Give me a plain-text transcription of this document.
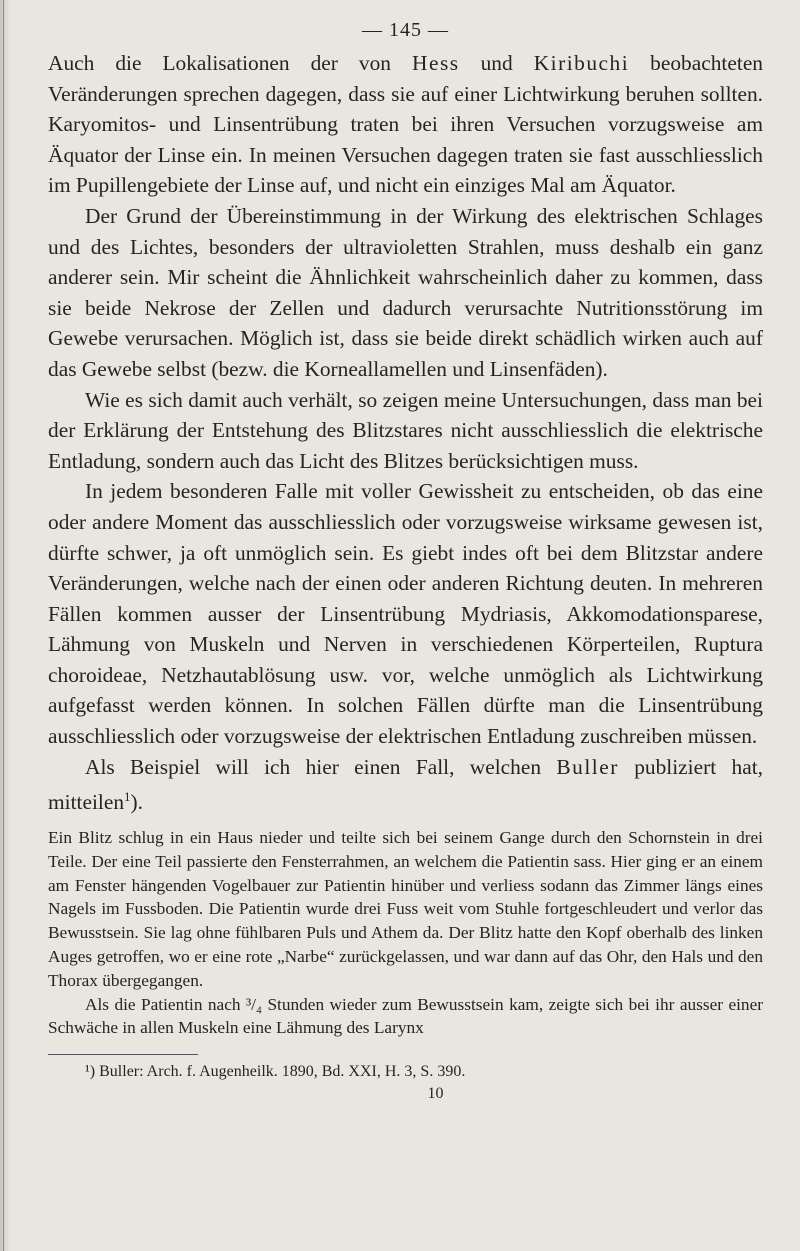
— 145 —

Auch die Lokalisationen der von Hess und Kiribuchi beobachteten Veränderungen sprechen dagegen, dass sie auf einer Lichtwirkung beruhen sollten. Karyomitos- und Linsentrübung traten bei ihren Versuchen vorzugsweise am Äquator der Linse ein. In meinen Versuchen dagegen traten sie fast ausschliesslich im Pupillengebiete der Linse auf, und nicht ein einziges Mal am Äquator.

Der Grund der Übereinstimmung in der Wirkung des elektrischen Schlages und des Lichtes, besonders der ultravioletten Strahlen, muss deshalb ein ganz anderer sein. Mir scheint die Ähnlichkeit wahrscheinlich daher zu kommen, dass sie beide Nekrose der Zellen und dadurch verursachte Nutritionsstörung im Gewebe verursachen. Möglich ist, dass sie beide direkt schädlich wirken auch auf das Gewebe selbst (bezw. die Korneallamellen und Linsenfäden).

Wie es sich damit auch verhält, so zeigen meine Untersuchungen, dass man bei der Erklärung der Entstehung des Blitzstares nicht ausschliesslich die elektrische Entladung, sondern auch das Licht des Blitzes berücksichtigen muss.

In jedem besonderen Falle mit voller Gewissheit zu entscheiden, ob das eine oder andere Moment das ausschliesslich oder vorzugsweise wirksame gewesen ist, dürfte schwer, ja oft unmöglich sein. Es giebt indes oft bei dem Blitzstar andere Veränderungen, welche nach der einen oder anderen Richtung deuten. In mehreren Fällen kommen ausser der Linsentrübung Mydriasis, Akkomodationsparese, Lähmung von Muskeln und Nerven in verschiedenen Körperteilen, Ruptura choroideae, Netzhautablösung usw. vor, welche unmöglich als Lichtwirkung aufgefasst werden können. In solchen Fällen dürfte man die Linsentrübung ausschliesslich oder vorzugsweise der elektrischen Entladung zuschreiben müssen.

Als Beispiel will ich hier einen Fall, welchen Buller publiziert hat, mitteilen$^1$).

Ein Blitz schlug in ein Haus nieder und teilte sich bei seinem Gange durch den Schornstein in drei Teile. Der eine Teil passierte den Fensterrahmen, an welchem die Patientin sass. Hier ging er an einem am Fenster hängenden Vogelbauer zur Patientin hinüber und verliess sodann das Zimmer längs eines Nagels im Fussboden. Die Patientin wurde drei Fuss weit vom Stuhle fortgeschleudert und verlor das Bewusstsein. Sie lag ohne fühlbaren Puls und Athem da. Der Blitz hatte den Kopf oberhalb des linken Auges getroffen, wo er eine rote „Narbe“ zurückgelassen, und war dann auf das Ohr, den Hals und den Thorax übergegangen.

Als die Patientin nach ³/₄ Stunden wieder zum Bewusstsein kam, zeigte sich bei ihr ausser einer Schwäche in allen Muskeln eine Lähmung des Larynx

¹) Buller: Arch. f. Augenheilk. 1890, Bd. XXI, H. 3, S. 390.

10
